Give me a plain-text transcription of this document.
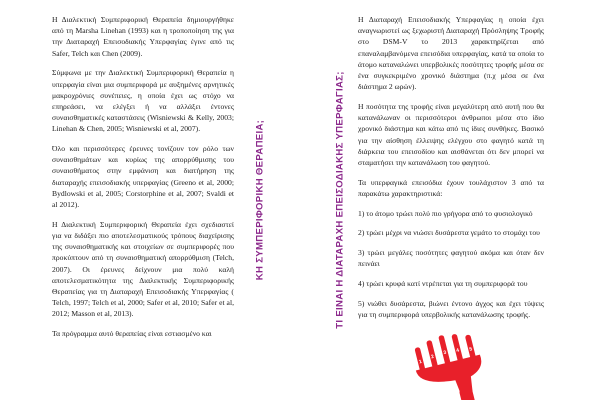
Η Διαλεκτική Συμπεριφορική Θεραπεία δημιουργήθηκε από τη Marsha Linehan (1993) και η τροποποίηση της για την Διαταραχή Επεισοδιακής Υπερφαγίας έγινε από τις Safer, Telch και Chen (2009).

Σύμφωνα με την Διαλεκτική Συμπεριφορική Θεραπεία η υπερφαγία είναι μια συμπεριφορά με αυξημένες αρνητικές μακροχρόνιες συνέπειες, η οποία έχει ως στόχο να επηρεάσει, να ελέγξει ή να αλλάξει έντονες συναισθηματικές καταστάσεις (Wisniewski & Kelly, 2003; Linehan & Chen, 2005; Wisniewski et al, 2007).

Όλο και περισσότερες έρευνες τονίζουν τον ρόλο των συναισθημάτων και κυρίως της απορρύθμισης του συναισθήματος στην εμφάνιση και διατήρηση της διαταραχής επεισοδιακής υπερφαγίας (Greeno et al, 2000; Bydlowski et al, 2005; Corstorphine et al, 2007; Svaldi et al 2012).

Η Διαλεκτική Συμπεριφορική Θεραπεία έχει σχεδιαστεί για να διδάξει πιο αποτελεσματικούς τρόπους διαχείρισης της συναισθηματικής και στοιχείων σε συμπεριφορές που προκύπτουν από τη συναισθηματική απορρύθμιση (Telch, 2007). Οι έρευνες δείχνουν μια πολύ καλή αποτελεσματικότητα της Διαλεκτικής Συμπεριφορικής Θεραπείας για τη Διαταραχή Επεισοδιακής Υπερφαγίας ( Telch, 1997; Telch et al, 2000; Safer et al, 2010; Safer et al, 2012; Masson et al, 2013).

Τα πρόγραμμα αυτό θεραπείας είναι εστιασμένο και

ΚΗ ΣΥΜΠΕΡΙΦΟΡΙΚΗ ΘΕΡΑΠΕΙΑ;	ΤΙ ΕΙΝΑΙ Η ΔΙΑΤΑΡΑΧΗ ΕΠΕΙΣΟΔΙΑΚΗΣ ΥΠΕΡΦΑΓΙΑΣ;

Η Διαταραχή Επεισοδιακής Υπερφαγίας η οποία έχει αναγνωριστεί ως ξεχωριστή Διαταραχή Πρόσληψης Τροφής στο DSM-V το 2013 χαρακτηρίζεται από επαναλαμβανόμενα επεισόδια υπερφαγίας, κατά τα οποία το άτομο καταναλώνει υπερβολικές ποσότητες τροφής μέσα σε ένα συγκεκριμένο χρονικό διάστημα (π.χ μέσα σε ένα διάστημα 2 ωρών).

Η ποσότητα της τροφής είναι μεγαλύτερη από αυτή που θα κατανάλωναν οι περισσότεροι άνθρωποι μέσα στο ίδιο χρονικό διάστημα και κάτω από τις ίδιες συνθήκες. Βασικό για την αίσθηση έλλειψης ελέγχου στο φαγητό κατά τη διάρκεια του επεισοδίου και αισθάνεται ότι δεν μπορεί να σταματήσει την κατανάλωση του φαγητού.

Τα υπερφαγικά επεισόδια έχουν τουλάχιστον 3 από τα παρακάτω χαρακτηριστικά:

1) το άτομο τρώει πολύ πιο γρήγορα από το φυσιολογικό

2) τρώει μέχρι να νιώσει δυσάρεστα γεμάτο το στομάχι του

3) τρώει μεγάλες ποσότητες φαγητού ακόμα και όταν δεν πεινάει

4) τρώει κρυφά κατί ντρέπεται για τη συμπεριφορά του

5) νιώθει δυσάρεστα, βιώνει έντονο άγχος και έχει τύψεις για τη συμπεριφορά υπερβολικής κατανάλωσης τροφής.

1
2
3 4 5
